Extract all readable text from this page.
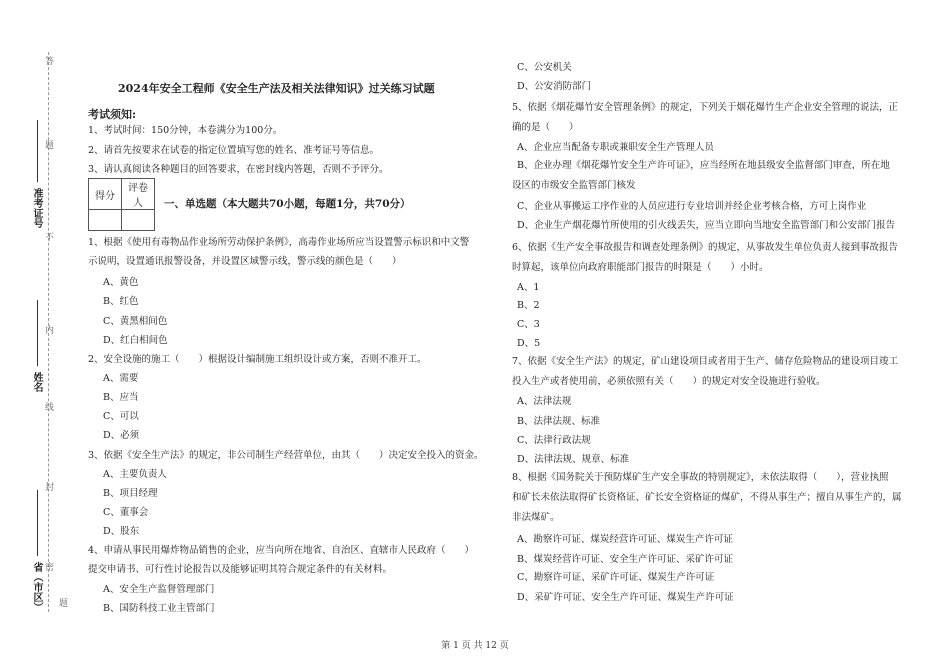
答
题
不
内
线
封
密
题
准考证号
姓名
省（市区）
2024年安全工程师《安全生产法及相关法律知识》过关练习试题
考试须知:
1、考试时间：150分钟，本卷满分为100分。
2、请首先按要求在试卷的指定位置填写您的姓名、准考证号等信息。
3、请认真阅读各种题目的回答要求，在密封线内答题，否则不予评分。
得分	评卷人
	一、单选题（本大题共70小题，每题1分，共70分）
1、根据《使用有毒物品作业场所劳动保护条例》，高毒作业场所应当设置警示标识和中文警
示说明，设置通讯报警设备，并设置区域警示线，警示线的颜色是（　　）
A、黄色
B、红色
C、黄黑相间色
D、红白相间色
2、安全设施的施工（　　）根据设计编制施工组织设计或方案，否则不准开工。
A、需要
B、应当
C、可以
D、必须
3、依据《安全生产法》的规定，非公司制生产经营单位，由其（　　）决定安全投入的资金。
A、主要负责人
B、项目经理
C、董事会
D、股东
4、申请从事民用爆炸物品销售的企业，应当向所在地省、自治区、直辖市人民政府（　　）
提交申请书、可行性讨论报告以及能够证明其符合规定条件的有关材料。
A、安全生产监督管理部门
B、国防科技工业主管部门
C、公安机关
D、公安消防部门
5、依据《烟花爆竹安全管理条例》的规定，下列关于烟花爆竹生产企业安全管理的说法，正
确的是（　　）
A、企业应当配备专职或兼职安全生产管理人员
B、企业办理《烟花爆竹安全生产许可证》，应当经所在地县级安全监督部门审查，所在地
设区的市级安全监管部门核发
C、企业从事搬运工序作业的人员应进行专业培训并经企业考核合格，方可上岗作业
D、企业生产烟花爆竹所使用的引火线丢失，应当立即向当地安全监管部门和公安部门报告
6、依据《生产安全事故报告和调查处理条例》的规定，从事故发生单位负责人接到事故报告
时算起，该单位向政府职能部门报告的时限是（　　）小时。
A、1
B、2
C、3
D、5
7、依据《安全生产法》的规定，矿山建设项目或者用于生产、储存危险物品的建设项目竣工
投入生产或者使用前，必须依照有关（　　）的规定对安全设施进行验收。
A、法律法规
B、法律法规、标准
C、法律行政法规
D、法律法规、规章、标准
8、根据《国务院关于预防煤矿生产安全事故的特别规定》，未依法取得（　　），营业执照
和矿长未依法取得矿长资格证、矿长安全资格证的煤矿，不得从事生产；擅自从事生产的，属
非法煤矿。
A、勘察许可证、煤炭经营许可证、煤炭生产许可证
B、煤炭经营许可证、安全生产许可证、采矿许可证
C、勘察许可证、采矿许可证、煤炭生产许可证
D、采矿许可证、安全生产许可证、煤炭生产许可证
第 1 页 共 12 页
